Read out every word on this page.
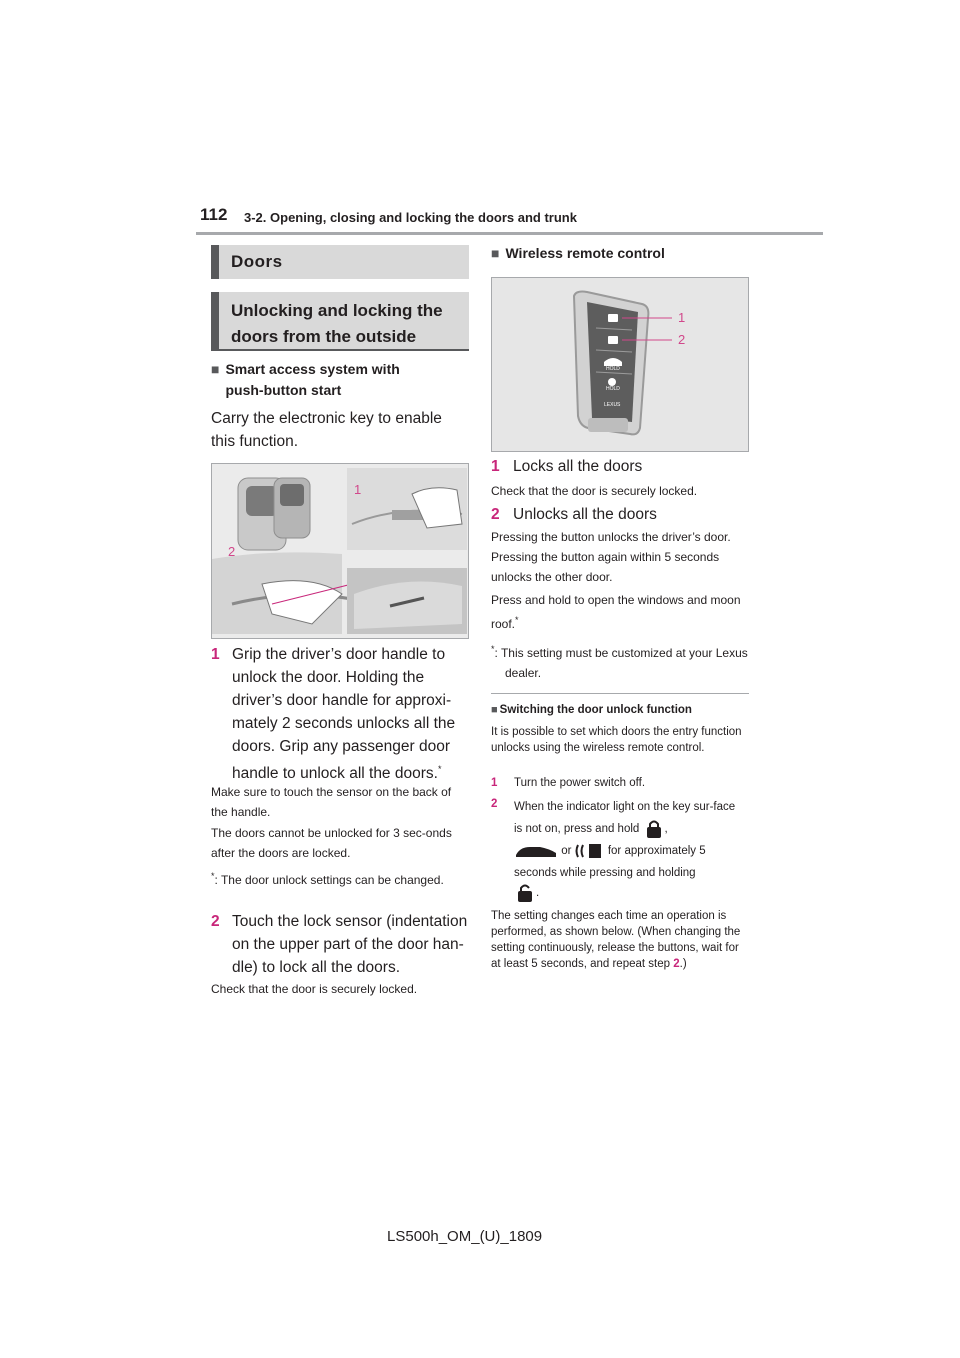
112 3-2. Opening, closing and locking the doors and trunk
Doors
Unlocking and locking the doors from the outside
■ Smart access system with push-button start
Carry the electronic key to enable this function.
1
2
1 Grip the driver’s door handle to unlock the door. Holding the driver’s door handle for approxi-mately 2 seconds unlocks all the doors. Grip any passenger door handle to unlock all the doors.*
Make sure to touch the sensor on the back of the handle.
The doors cannot be unlocked for 3 sec-onds after the doors are locked.
*: The door unlock settings can be changed.
2 Touch the lock sensor (indentation on the upper part of the door han-dle) to lock all the doors.
Check that the door is securely locked.
■ Wireless remote control
HOLD
HOLD
LEXUS
1
2
1 Locks all the doors
Check that the door is securely locked.
2 Unlocks all the doors
Pressing the button unlocks the driver’s door. Pressing the button again within 5 seconds unlocks the other door.
Press and hold to open the windows and moon roof.*
*: This setting must be customized at your Lexus dealer.
■ Switching the door unlock function
It is possible to set which doors the entry function unlocks using the wireless remote control.
1 Turn the power switch off.
2 When the indicator light on the key sur-face is not on, press and hold ,
or	for approximately 5 seconds while pressing and holding
.
The setting changes each time an operation is performed, as shown below. (When changing the setting continuously, release the buttons, wait for at least 5 seconds, and repeat step 2.)
LS500h_OM_(U)_1809
